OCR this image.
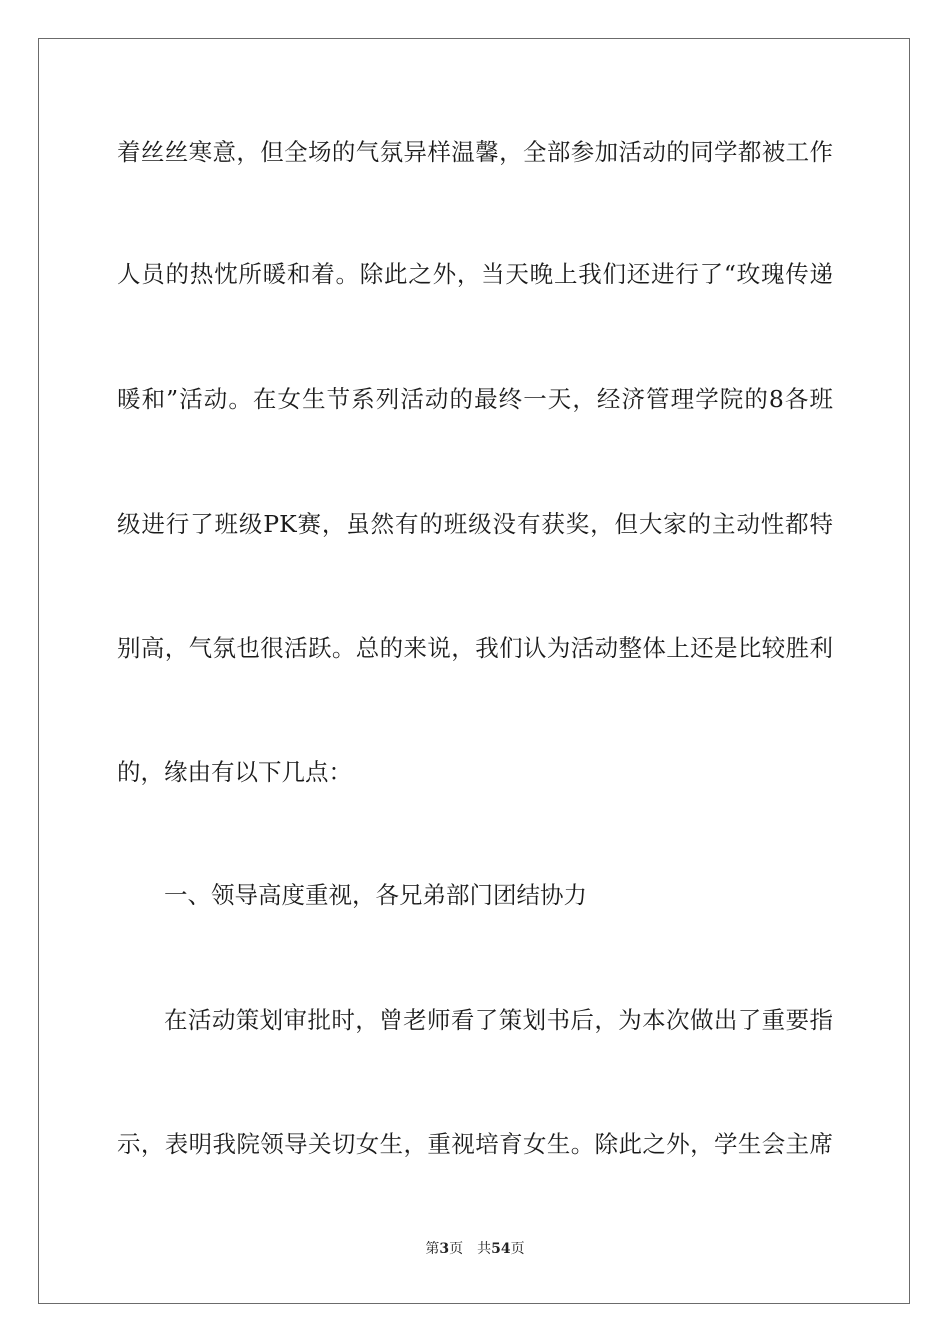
着丝丝寒意，但全场的气氛异样温馨，全部参加活动的同学都被工作
人员的热忱所暖和着。除此之外，当天晚上我们还进行了“玫瑰传递
暖和”活动。在女生节系列活动的最终一天，经济管理学院的8各班
级进行了班级PK赛，虽然有的班级没有获奖，但大家的主动性都特
别高，气氛也很活跃。总的来说，我们认为活动整体上还是比较胜利
的，缘由有以下几点：
一、领导高度重视，各兄弟部门团结协力
在活动策划审批时，曾老师看了策划书后，为本次做出了重要指
示，表明我院领导关切女生，重视培育女生。除此之外，学生会主席
第3页 共54页
